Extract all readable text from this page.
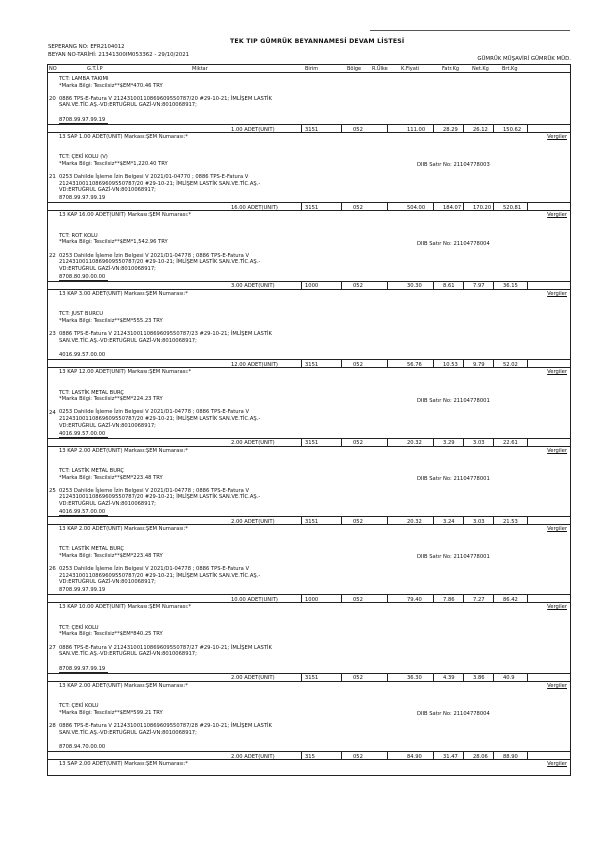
TEK TIP GÜMRÜK BEYANNAMESİ DEVAM LİSTESİ
SEPERANG NO: EFR2104012
BEYAN NO-TARİHİ: 21341300IM053362 - 29/10/2021
GÜMRÜK MÜŞAVİRİ GÜMRÜK MÜD.
NO	G.T.İ.P	Miktar	Birim	Bölge R.Ülke	K.Fiyati	Fatr.Kg	Net.Kg	Brt.Kg
20
TCT: LAMBA TAKIMI
*Marka Bilgi: Tescilsiz**$EM*470.46 TRY
0886 TPS-E-Fatura V 21243100110869609550787/20 #29-10-21; İMLİŞEM LASTİK
SAN.VE.TİC.AŞ.-VD:ERTUĞRUL GAZİ-VN:8010068917;
8708.99.97.99.19
1.00 ADET(UNIT)	3151	052	111.00	28.29	26.12	150.62
13 SAP 1.00 ADET(UNIT) Markası:ŞEM Numarası:*	Vergiler
21
TCT: ÇEKİ KOLU (V)
*Marka Bilgi: Tescilsiz**$EM*1,220.40 TRY
0253 Dahilde İşleme İzin Belgesi V 2021/01-04770 ; 0886 TPS-E-Fatura V
21243100110869609550787/20 #29-10-21; İMLİŞEM LASTİK SAN.VE.TİC.AŞ.-
VD:ERTUĞRUL GAZİ-VN:8010068917;
DIIB Satır No: 21104778003
8708.99.97.99.19
16.00 ADET(UNIT)	3151	052	504.00	184.07 170.20 520.81
13 KAP 16.00 ADET(UNIT) Markası:ŞEM Numarası:*	Vergiler
22
TCT: ROT KOLU
*Marka Bilgi: Tescilsiz**$EM*1,542.96 TRY
0253 Dahilde İşleme İzin Belgesi V 2021/D1-04778 ; 0886 TPS-E-Fatura V
21243100110869609550787/20 #29-10-21; İMLİŞEM LASTİK SAN.VE.TİC.AŞ.-
VD:ERTUĞRUL GAZİ-VN:8010068917;
DIIB Satır No: 21104778004
8708.80.90.00.00
3.00 ADET(UNIT)	1000	052	30.30	8.61	7.97	36.15
13 KAP 3.00 ADET(UNIT) Markası:ŞEM Numarası:*	Vergiler
23
TCT: JUST BURCU
*Marka Bilgi: Tescilsiz**$EM*555.23 TRY
0886 TPS-E-Fatura V 21243100110869609550787/23 #29-10-21; İMLİŞEM LASTİK
SAN.VE.TİC.AŞ.-VD:ERTUĞRUL GAZİ-VN:8010068917;
4016.99.57.00.00
12.00 ADET(UNIT)	3151	052	56.76	10.53	9.79	52.02
13 KAP 12.00 ADET(UNIT) Markası:ŞEM Numarası:*	Vergiler
24
TCT: LASTİK METAL BURÇ
*Marka Bilgi: Tescilsiz**$EM*224.23 TRY
0253 Dahilde İşleme İzin Belgesi V 2021/D1-04778 ; 0886 TPS-E-Fatura V
21243100110869609550787/20 #29-10-21; İMLİŞEM LASTİK SAN.VE.TİC.AŞ.-
VD:ERTUĞRUL GAZİ-VN:8010068917;
DIIB Satır No: 21104778001
4016.99.57.00.00
2.00 ADET(UNIT)	3151	052	20.32	3.29	3.03	22.61
13 KAP 2.00 ADET(UNIT) Markası:ŞEM Numarası:*	Vergiler
25
TCT: LASTİK METAL BURÇ
*Marka Bilgi: Tescilsiz**$EM*223.48 TRY
0253 Dahilde İşleme İzin Belgesi V 2021/D1-04778 ; 0886 TPS-E-Fatura V
21243100110869609550787/20 #29-10-21; İMLİŞEM LASTİK SAN.VE.TİC.AŞ.-
VD:ERTUĞRUL GAZİ-VN:8010068917;
DIIB Satır No: 21104778001
4016.99.57.00.00
2.00 ADET(UNIT)	3151	052	20.32	3.24	3.03	21.53
13 KAP 2.00 ADET(UNIT) Markası:ŞEM Numarası:*	Vergiler
26
TCT: LASTİK METAL BURÇ
*Marka Bilgi: Tescilsiz**$EM*223.48 TRY
0253 Dahilde İşleme İzin Belgesi V 2021/D1-04778 ; 0886 TPS-E-Fatura V
21243100110869609550787/20 #29-10-21; İMLİŞEM LASTİK SAN.VE.TİC.AŞ.-
VD:ERTUĞRUL GAZİ-VN:8010068917;
DIIB Satır No: 21104778001
8708.99.97.99.19
10.00 ADET(UNIT)	1000	052	79.40	7.86	7.27	86.42
13 KAP 10.00 ADET(UNIT) Markası:ŞEM Numarası:*	Vergiler
27
TCT: ÇEKİ KOLU
*Marka Bilgi: Tescilsiz**$EM*840.25 TRY
0886 TPS-E-Fatura V 21243100110869609550787/27 #29-10-21; İMLİŞEM LASTİK
SAN.VE.TİC.AŞ.-VD:ERTUĞRUL GAZİ-VN:8010068917;
8708.99.97.99.19
2.00 ADET(UNIT)	3151	052	36.30	4.39	3.86	40.9
13 KAP 2.00 ADET(UNIT) Markası:ŞEM Numarası:*	Vergiler
28
TCT: ÇEKİ KOLU
*Marka Bilgi: Tescilsiz**$EM*599.21 TRY
0886 TPS-E-Fatura V 21243100110869609550787/28 #29-10-21; İMLİŞEM LASTİK
SAN.VE.TİC.AŞ.-VD:ERTUĞRUL GAZİ-VN:8010068917;
DIIB Satır No: 21104778004
8708.94.70.00.00
2.00 ADET(UNIT)	315	052	84.90	31.47	28.06	88.90
13 SAP 2.00 ADET(UNIT) Markası:ŞEM Numarası:*	Vergiler
